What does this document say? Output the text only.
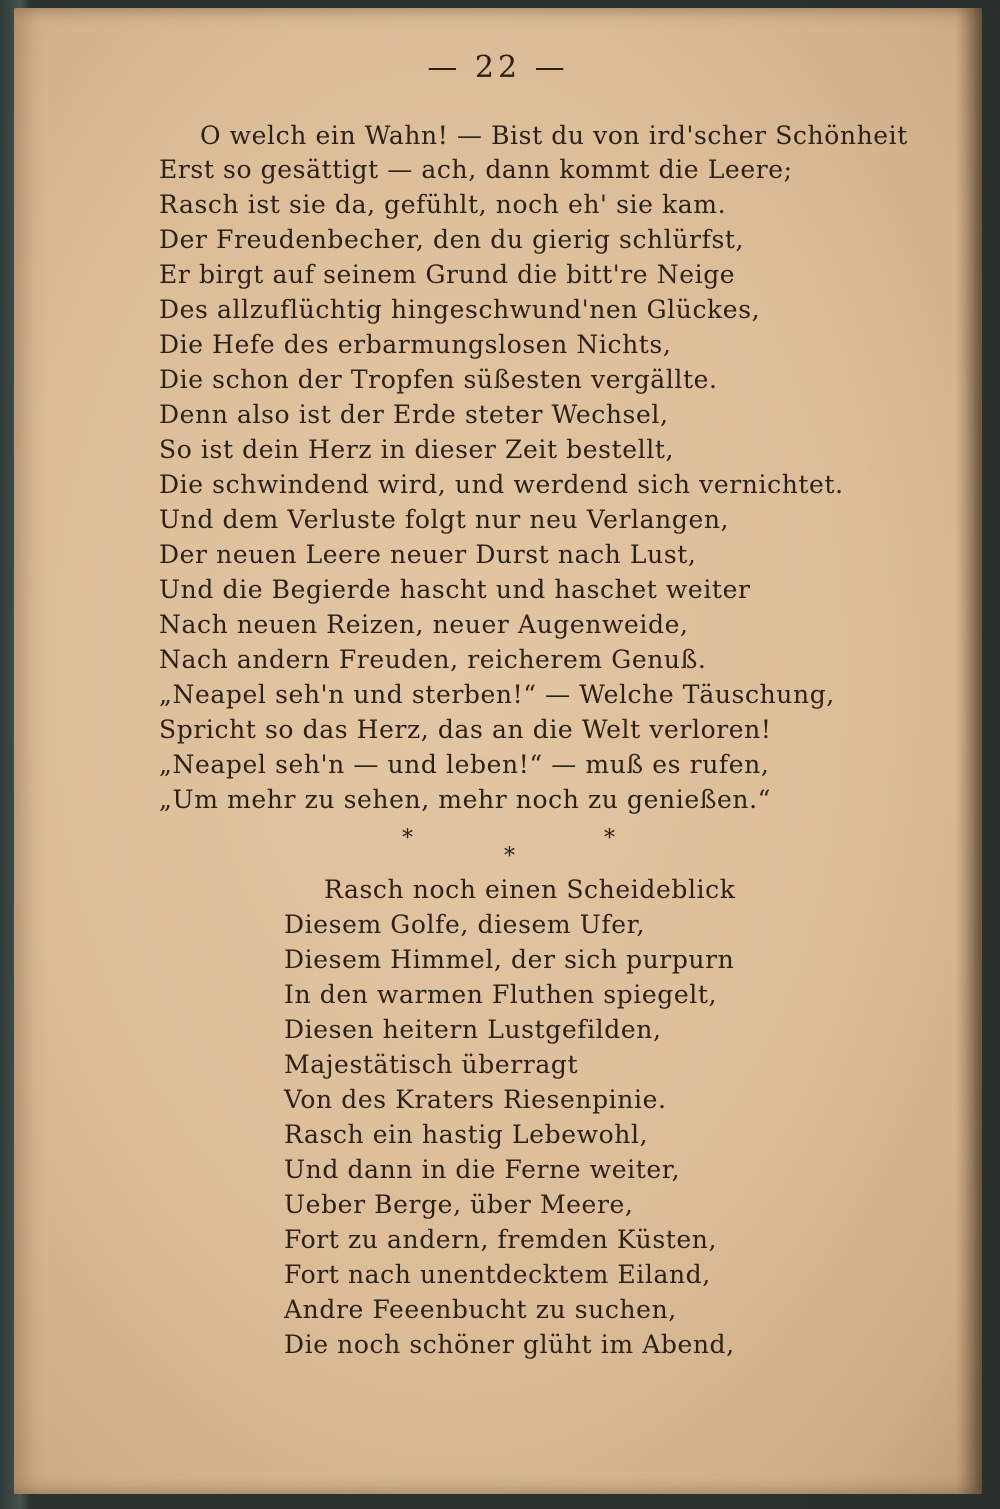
— 22 —
O welch ein Wahn! — Bist du von ird'scher Schönheit
Erst so gesättigt — ach, dann kommt die Leere;
Rasch ist sie da, gefühlt, noch eh' sie kam.
Der Freudenbecher, den du gierig schlürfst,
Er birgt auf seinem Grund die bitt're Neige
Des allzuflüchtig hingeschwund'nen Glückes,
Die Hefe des erbarmungslosen Nichts,
Die schon der Tropfen süßesten vergällte.
Denn also ist der Erde steter Wechsel,
So ist dein Herz in dieser Zeit bestellt,
Die schwindend wird, und werdend sich vernichtet.
Und dem Verluste folgt nur neu Verlangen,
Der neuen Leere neuer Durst nach Lust,
Und die Begierde hascht und haschet weiter
Nach neuen Reizen, neuer Augenweide,
Nach andern Freuden, reicherem Genuß.
„Neapel seh'n und sterben!“ — Welche Täuschung,
Spricht so das Herz, das an die Welt verloren!
„Neapel seh'n — und leben!“ — muß es rufen,
„Um mehr zu sehen, mehr noch zu genießen.“
*
*
*
Rasch noch einen Scheideblick
Diesem Golfe, diesem Ufer,
Diesem Himmel, der sich purpurn
In den warmen Fluthen spiegelt,
Diesen heitern Lustgefilden,
Majestätisch überragt
Von des Kraters Riesenpinie.
Rasch ein hastig Lebewohl,
Und dann in die Ferne weiter,
Ueber Berge, über Meere,
Fort zu andern, fremden Küsten,
Fort nach unentdecktem Eiland,
Andre Feeenbucht zu suchen,
Die noch schöner glüht im Abend,
